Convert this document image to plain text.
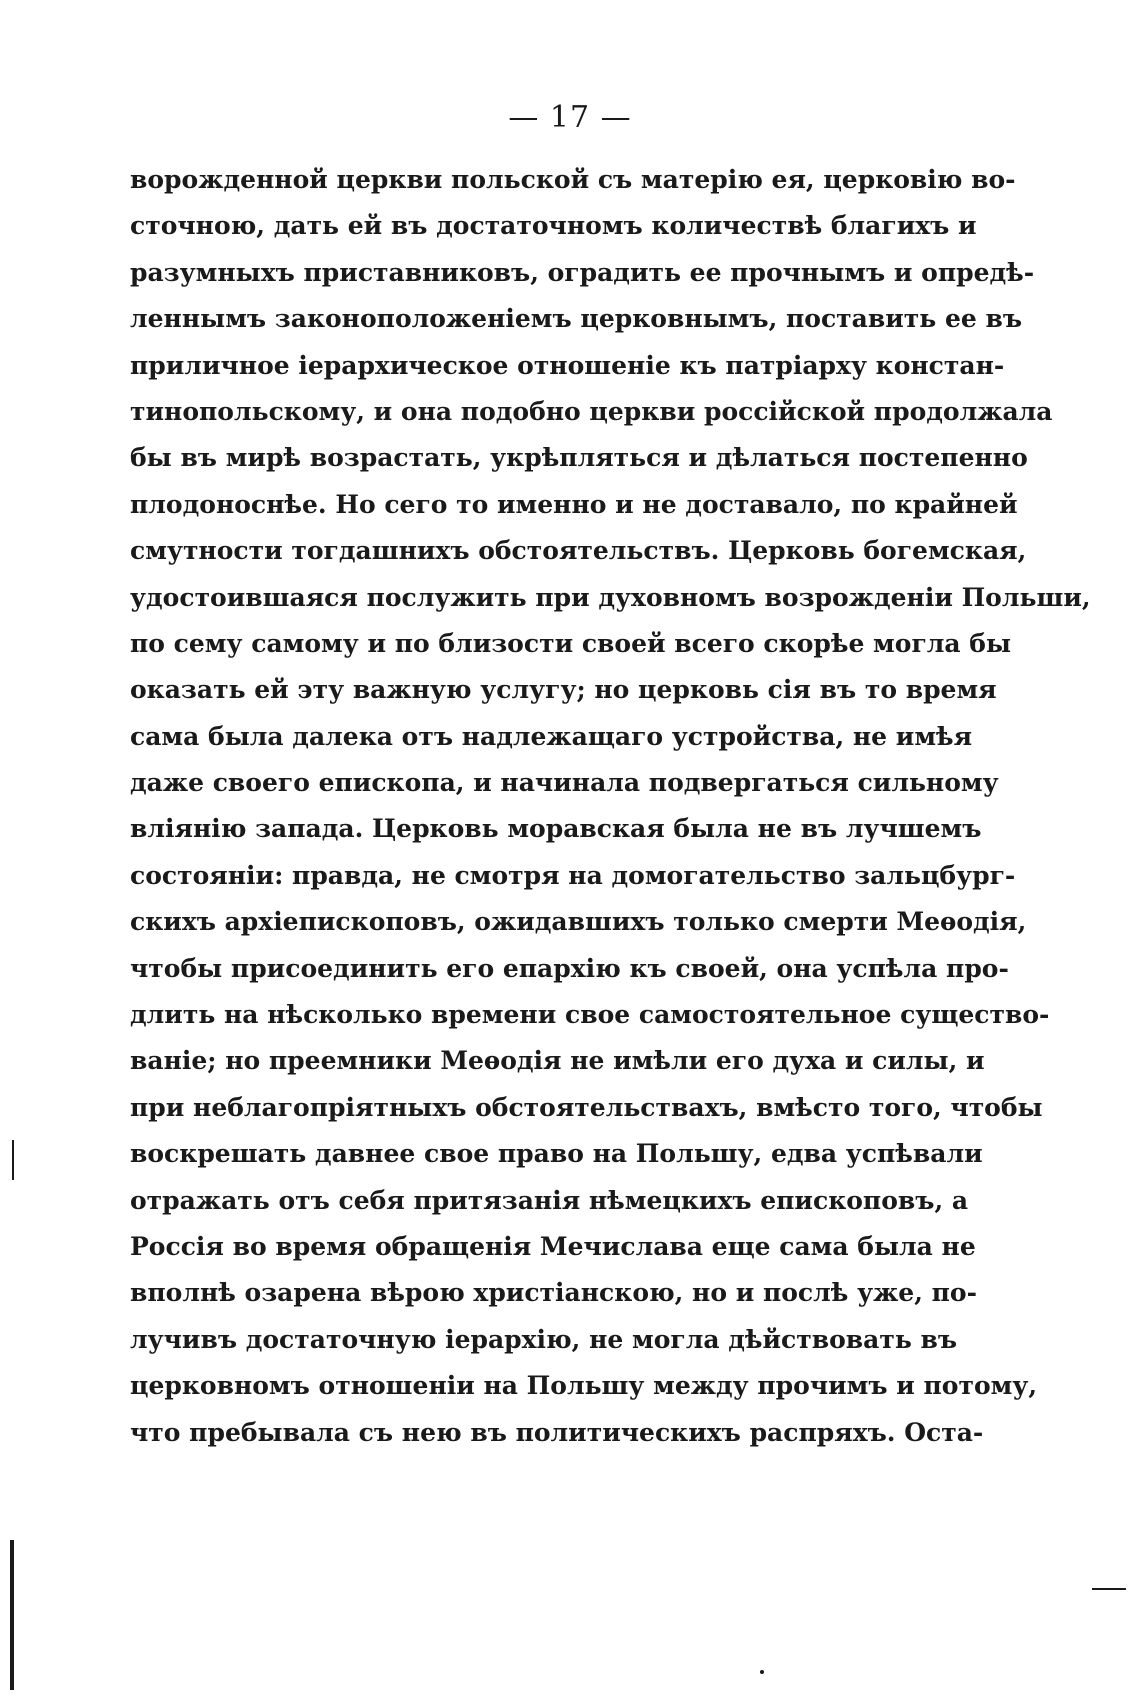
— 17 —
ворожденной церкви польской съ матерію ея, церковію во-
сточною, дать ей въ достаточномъ количествѣ благихъ и
разумныхъ приставниковъ, оградить ее прочнымъ и опредѣ-
леннымъ законоположеніемъ церковнымъ, поставить ее въ
приличное іерархическое отношеніе къ патріарху констан-
тинопольскому, и она подобно церкви россійской продолжала
бы въ мирѣ возрастать, укрѣпляться и дѣлаться постепенно
плодоноснѣе. Но сего то именно и не доставало, по крайней
смутности тогдашнихъ обстоятельствъ. Церковь богемская,
удостоившаяся послужить при духовномъ возрожденіи Польши,
по сему самому и по близости своей всего скорѣе могла бы
оказать ей эту важную услугу; но церковь сія въ то время
сама была далека отъ надлежащаго устройства, не имѣя
даже своего епископа, и начинала подвергаться сильному
вліянію запада. Церковь моравская была не въ лучшемъ
состояніи: правда, не смотря на домогательство зальцбург-
скихъ архіепископовъ, ожидавшихъ только смерти Меѳодія,
чтобы присоединить его епархію къ своей, она успѣла про-
длить на нѣсколько времени свое самостоятельное существо-
ваніе; но преемники Меѳодія не имѣли его духа и силы, и
при неблагопріятныхъ обстоятельствахъ, вмѣсто того, чтобы
воскрешать давнее свое право на Польшу, едва успѣвали
отражать отъ себя притязанія нѣмецкихъ епископовъ, а
Россія во время обращенія Мечислава еще сама была не
вполнѣ озарена вѣрою христіанскою, но и послѣ уже, по-
лучивъ достаточную іерархію, не могла дѣйствовать въ
церковномъ отношеніи на Польшу между прочимъ и потому,
что пребывала съ нею въ политическихъ распряхъ. Оста-
